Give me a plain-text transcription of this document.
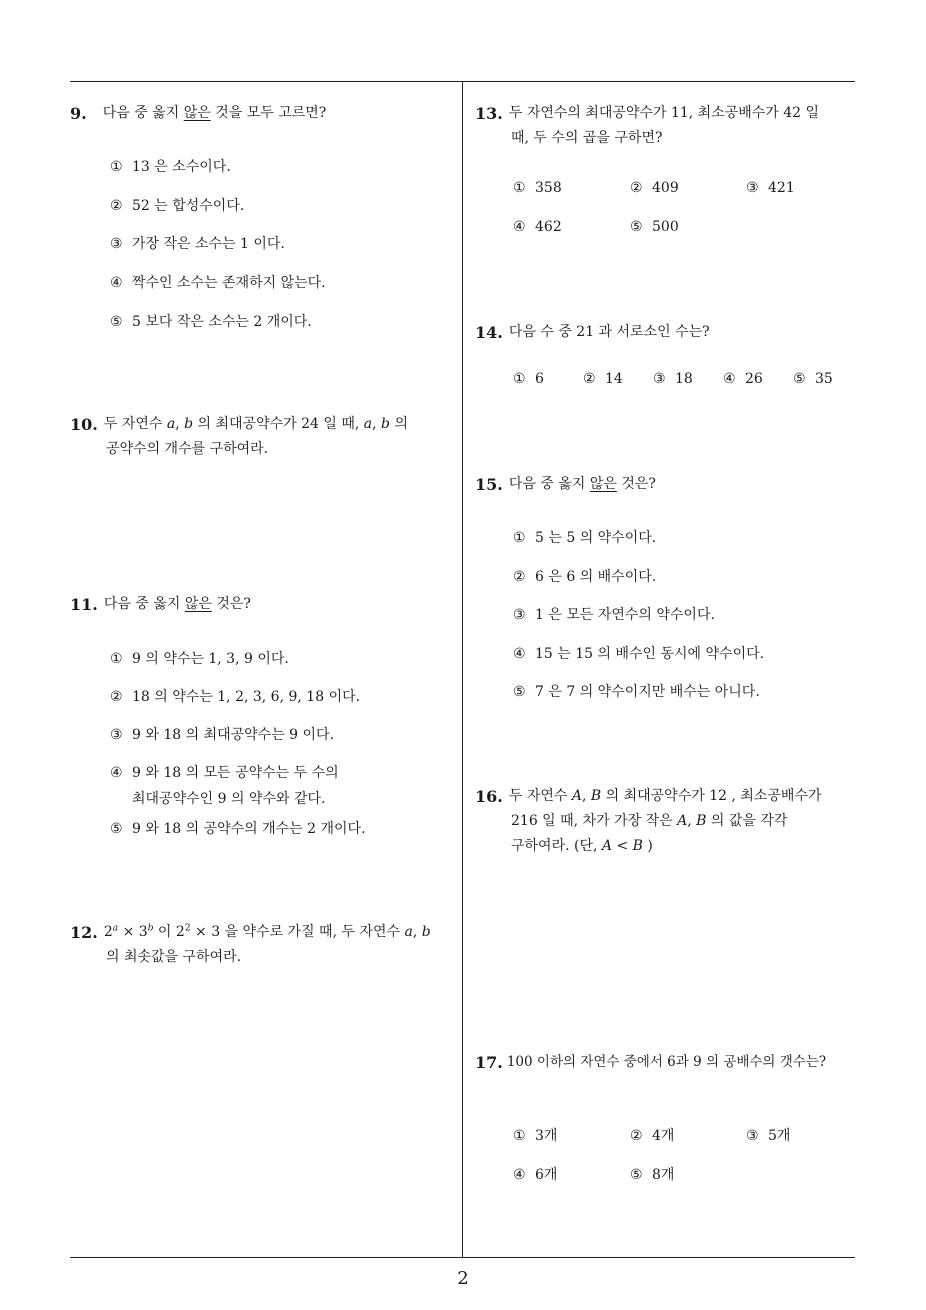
9. 다음 중 옳지 않은 것을 모두 고르면?
① 13 은 소수이다.
② 52 는 합성수이다.
③ 가장 작은 소수는 1 이다.
④ 짝수인 소수는 존재하지 않는다.
⑤ 5 보다 작은 소수는 2 개이다.
10. 두 자연수 a, b 의 최대공약수가 24 일 때, a, b 의
공약수의 개수를 구하여라.
11. 다음 중 옳지 않은 것은?
① 9 의 약수는 1, 3, 9 이다.
② 18 의 약수는 1, 2, 3, 6, 9, 18 이다.
③ 9 와 18 의 최대공약수는 9 이다.
④ 9 와 18 의 모든 공약수는 두 수의
최대공약수인 9 의 약수와 같다.
⑤ 9 와 18 의 공약수의 개수는 2 개이다.
12. $2^a \times 3^b$ 이 $2^2 \times 3$ 을 약수로 가질 때, 두 자연수 a, b
의 최솟값을 구하여라.
13. 두 자연수의 최대공약수가 11, 최소공배수가 42 일
때, 두 수의 곱을 구하면?
① 358	② 409	③ 421
④ 462	⑤ 500
14. 다음 수 중 21 과 서로소인 수는?
① 6	② 14 ③ 18 ④ 26 ⑤ 35
15. 다음 중 옳지 않은 것은?
① 5 는 5 의 약수이다.
② 6 은 6 의 배수이다.
③ 1 은 모든 자연수의 약수이다.
④ 15 는 15 의 배수인 동시에 약수이다.
⑤ 7 은 7 의 약수이지만 배수는 아니다.
16. 두 자연수 A, B 의 최대공약수가 12 , 최소공배수가
216 일 때, 차가 가장 작은 A, B 의 값을 각각
구하여라. (단, A < B )
17. 100 이하의 자연수 중에서 6과 9 의 공배수의 갯수는?
① 3개	② 4개	③ 5개
④ 6개	⑤ 8개
2
